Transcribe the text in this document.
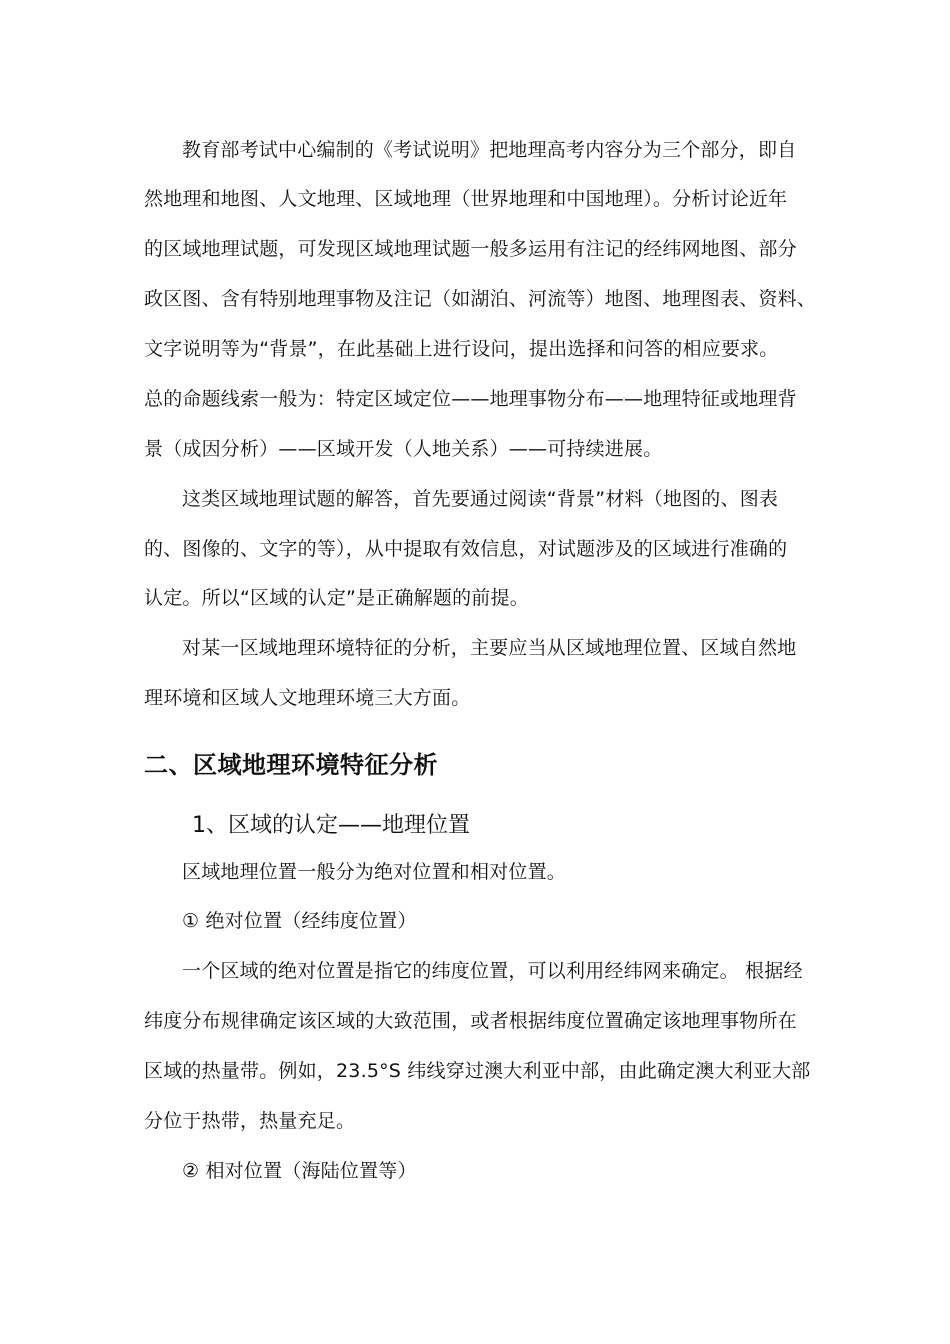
教育部考试中心编制的《考试说明》把地理高考内容分为三个部分，即自
然地理和地图、人文地理、区域地理（世界地理和中国地理）。分析讨论近年
的区域地理试题，可发现区域地理试题一般多运用有注记的经纬网地图、部分
政区图、含有特别地理事物及注记（如湖泊、河流等）地图、地理图表、资料、
文字说明等为“背景”，在此基础上进行设问，提出选择和问答的相应要求。
总的命题线索一般为：特定区域定位——地理事物分布——地理特征或地理背
景（成因分析）——区域开发（人地关系）——可持续进展。
这类区域地理试题的解答，首先要通过阅读“背景”材料（地图的、图表
的、图像的、文字的等），从中提取有效信息，对试题涉及的区域进行准确的
认定。所以“区域的认定”是正确解题的前提。
对某一区域地理环境特征的分析，主要应当从区域地理位置、区域自然地
理环境和区域人文地理环境三大方面。
二、区域地理环境特征分析
1、区域的认定——地理位置
区域地理位置一般分为绝对位置和相对位置。
① 绝对位置（经纬度位置）
一个区域的绝对位置是指它的纬度位置，可以利用经纬网来确定。 根据经
纬度分布规律确定该区域的大致范围，或者根据纬度位置确定该地理事物所在
区域的热量带。例如，23.5°S 纬线穿过澳大利亚中部，由此确定澳大利亚大部
分位于热带，热量充足。
② 相对位置（海陆位置等）
